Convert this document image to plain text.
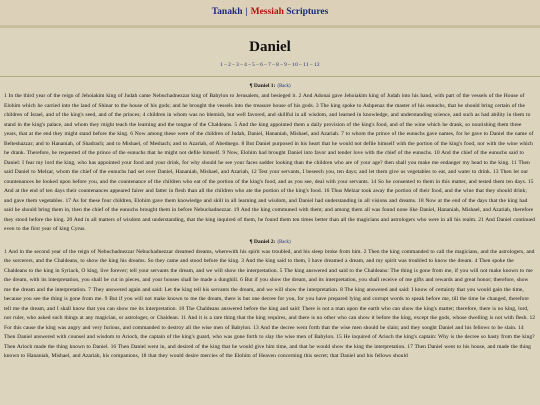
Tanakh | Messiah Scriptures
Daniel
1–2–3–4–5–6–7–8–9–10–11–12
¶ Daniel 1: (Back)
1 In the third year of the reign of Jehoiakim king of Judah came Nebuchadnezzar king of Babylon to Jerusalem, and besieged it. 2 And Adonai gave Jehoiakim king of Judah into his hand, with part of the vessels of the House of Elohim which he carried into the land of Shinar to the house of his gods; and he brought the vessels into the treasure house of his gods. 3 The king spoke to Ashpenaz the master of his eunuchs, that he should bring certain of the children of Israel, and of the king's seed, and of the princes; 4 children in whom was no blemish, but well favored, and skillful in all wisdom, and learned in knowledge, and understanding science, and such as had ability in them to stand in the king's palace, and whom they might teach the learning and the tongue of the Chaldeans. 5 And the king appointed them a daily provision of the king's food, and of the wine which he drank, so nourishing them three years, that at the end they might stand before the king. 6 Now among these were of the children of Judah, Daniel, Hananiah, Mishael, and Azariah. 7 to whom the prince of the eunuchs gave names, for he gave to Daniel the name of Belteshazzar; and to Hananiah, of Shadrach; and to Mishael, of Meshach; and to Azariah, of Abednego. 8 But Daniel purposed in his heart that he would not defile himself with the portion of the king's food, nor with the wine which he drank. Therefore, he requested of the prince of the eunuchs that he might not defile himself. 9 Now, Elohim had brought Daniel into favor and tender love with the chief of the eunuchs. 10 And the chief of the eunuchs said to Daniel: I fear my lord the king, who has appointed your food and your drink, for why should he see your faces sadder looking than the children who are of your age? then shall you make me endanger my head to the king. 11 Then said Daniel to Melzar, whom the chief of the eunuchs had set over Daniel, Hananiah, Mishael, and Azariah, 12 Test your servants, I beseech you, ten days; and let them give us vegetables to eat, and water to drink. 13 Then let our countenances be looked upon before you, and the countenance of the children who eat of the portion of the king's food, and as you see, deal with your servants. 14 So he consented to them in this matter, and tested them ten days. 15 And at the end of ten days their countenances appeared fairer and fatter in flesh than all the children who ate the portion of the king's food. 16 Thus Melzar took away the portion of their food, and the wine that they should drink; and gave them vegetables. 17 As for these four children, Elohim gave them knowledge and skill in all learning and wisdom, and Daniel had understanding in all visions and dreams. 18 Now at the end of the days that the king had said he should bring them in, then the chief of the eunuchs brought them in before Nebuchadnezzar. 19 And the king communed with them; and among them all was found none like Daniel, Hananiah, Mishael, and Azariah, therefore they stood before the king. 20 And in all matters of wisdom and understanding, that the king inquired of them, he found them ten times better than all the magicians and astrologers who were in all his realm. 21 And Daniel continued even to the first year of king Cyrus.
¶ Daniel 2: (Back)
1 And in the second year of the reign of Nebuchadnezzar Nebuchadnezzar dreamed dreams, wherewith his spirit was troubled, and his sleep broke from him. 2 Then the king commanded to call the magicians, and the astrologers, and the sorcerers, and the Chaldeans, to show the king his dreams. So they came and stood before the king. 3 And the king said to them, I have dreamed a dream, and my spirit was troubled to know the dream. 4 Then spoke the Chaldeans to the king in Syriack, O king, live forever; tell your servants the dream, and we will show the interpretation. 5 The king answered and said to the Chaldeans: The thing is gone from me, if you will not make known to me the dream, with its interpretation, you shall be cut in pieces, and your houses shall be made a dunghill. 6 But if you show the dream, and its interpretation, you shall receive of me gifts and rewards and great honor; therefore, show me the dream and the interpretation. 7 They answered again and said: Let the king tell his servants the dream, and we will show the interpretation. 8 The king answered and said: I know of certainty that you would gain the time, because you see the thing is gone from me. 9 But if you will not make known to me the dream, there is but one decree for you, for you have prepared lying and corrupt words to speak before me, till the time be changed, therefore tell me the dream, and I shall know that you can show me its interpretation. 10 The Chaldeans answered before the king and said: There is not a man upon the earth who can show the king's matter; therefore, there is no king, lord, nor ruler, who asked such things at any magician, or astrologer, or Chaldean. 11 And it is a rare thing that the king requires, and there is no other who can show it before the king, except the gods, whose dwelling is not with flesh. 12 For this cause the king was angry and very furious, and commanded to destroy all the wise men of Babylon. 13 And the decree went forth that the wise men should be slain; and they sought Daniel and his fellows to be slain. 14 Then Daniel answered with counsel and wisdom to Arioch, the captain of the king's guard, who was gone forth to slay the wise men of Babylon. 15 He inquired of Arioch the king's captain: Why is the decree so hasty from the king? Then Arioch made the thing known to Daniel. 16 Then Daniel went in, and desired of the king that he would give him time, and that he would show the king the interpretation. 17 Then Daniel went to his house, and made the thing known to Hananiah, Mishael, and Azariah, his companions, 18 that they would desire mercies of the Elohim of Heaven concerning this secret; that Daniel and his fellows should
